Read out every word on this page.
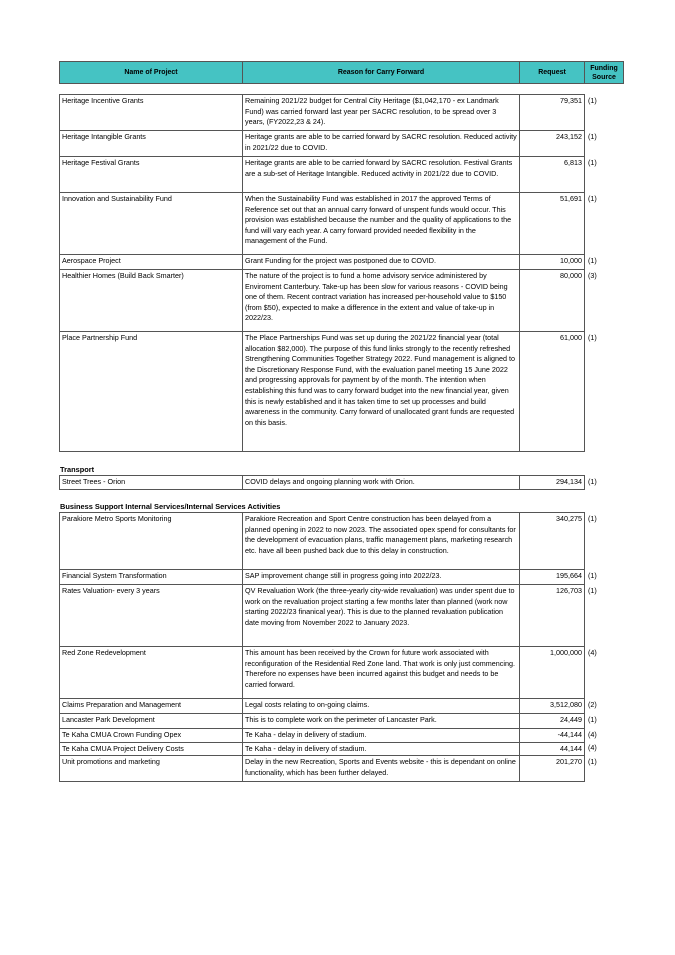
Name of Project	Reason for Carry Forward	Request	Funding Source
Heritage Incentive Grants	Remaining 2021/22 budget for Central City Heritage ($1,042,170 - ex Landmark Fund) was carried forward last year per SACRC resolution, to be spread over 3 years, (FY2022,23 & 24).	79,351	(1)
Heritage Intangible Grants	Heritage grants are able to be carried forward by SACRC resolution. Reduced activity in 2021/22 due to COVID.	243,152	(1)
Heritage Festival Grants	Heritage grants are able to be carried forward by SACRC resolution. Festival Grants are a sub-set of Heritage Intangible. Reduced activity in 2021/22 due to COVID.	6,813	(1)
Innovation and Sustainability Fund	When the Sustainability Fund was established in 2017 the approved Terms of Reference set out that an annual carry forward of unspent funds would occur. This provision was established because the number and the quality of applications to the fund will vary each year. A carry forward provided needed flexibility in the management of the Fund.	51,691	(1)
Aerospace Project	Grant Funding for the project was postponed due to COVID.	10,000	(1)
Healthier Homes (Build Back Smarter)	The nature of the project is to fund a home advisory service administered by Enviroment Canterbury. Take-up has been slow for various reasons - COVID being one of them. Recent contract variation has increased per-household value to $150 (from $50), expected to make a difference in the extent and value of take-up in 2022/23.	80,000	(3)
Place Partnership Fund	The Place Partnerships Fund was set up during the 2021/22 financial year (total allocation $82,000). The purpose of this fund links strongly to the recently refreshed Strengthening Communities Together Strategy 2022. Fund management is aligned to the Discretionary Response Fund, with the evaluation panel meeting 15 June 2022 and progressing approvals for payment by of the month. The intention when establishing this fund was to carry forward budget into the new financial year, given this is newly established and it has taken time to set up processes and build awareness in the community. Carry forward of unallocated grant funds are requested on this basis.	61,000	(1)
Transport
Street Trees - Orion	COVID delays and ongoing planning work with Orion.	294,134	(1)
Business Support Internal Services/Internal Services Activities
Parakiore Metro Sports Monitoring	Parakiore Recreation and Sport Centre construction has been delayed from a planned opening in 2022 to now 2023. The associated opex spend for consultants for the development of evacuation plans, traffic management plans, marketing research etc. have all been pushed back due to this delay in construction.	340,275	(1)
Financial System Transformation	SAP improvement change still in progress going into 2022/23.	195,664	(1)
Rates Valuation- every 3 years	QV Revaluation Work (the three-yearly city-wide revaluation) was under spent due to work on the revaluation project starting a few months later than planned (work now starting 2022/23 finanical year). This is due to the planned revaluation publication date moving from November 2022 to January 2023.	126,703	(1)
Red Zone Redevelopment	This amount has been received by the Crown for future work associated with reconfiguration of the Residential Red Zone land. That work is only just commencing. Therefore no expenses have been incurred against this budget and needs to be carried forward.	1,000,000	(4)
Claims Preparation and Management	Legal costs relating to on-going claims.	3,512,080	(2)
Lancaster Park Development	This is to complete work on the perimeter of Lancaster Park.	24,449	(1)
Te Kaha CMUA Crown Funding Opex	Te Kaha - delay in delivery of stadium.	-44,144	(4)
Te Kaha CMUA Project Delivery Costs	Te Kaha - delay in delivery of stadium.	44,144	(4)
Unit promotions and marketing	Delay in the new Recreation, Sports and Events website - this is dependant on online functionality, which has been further delayed.	201,270	(1)
